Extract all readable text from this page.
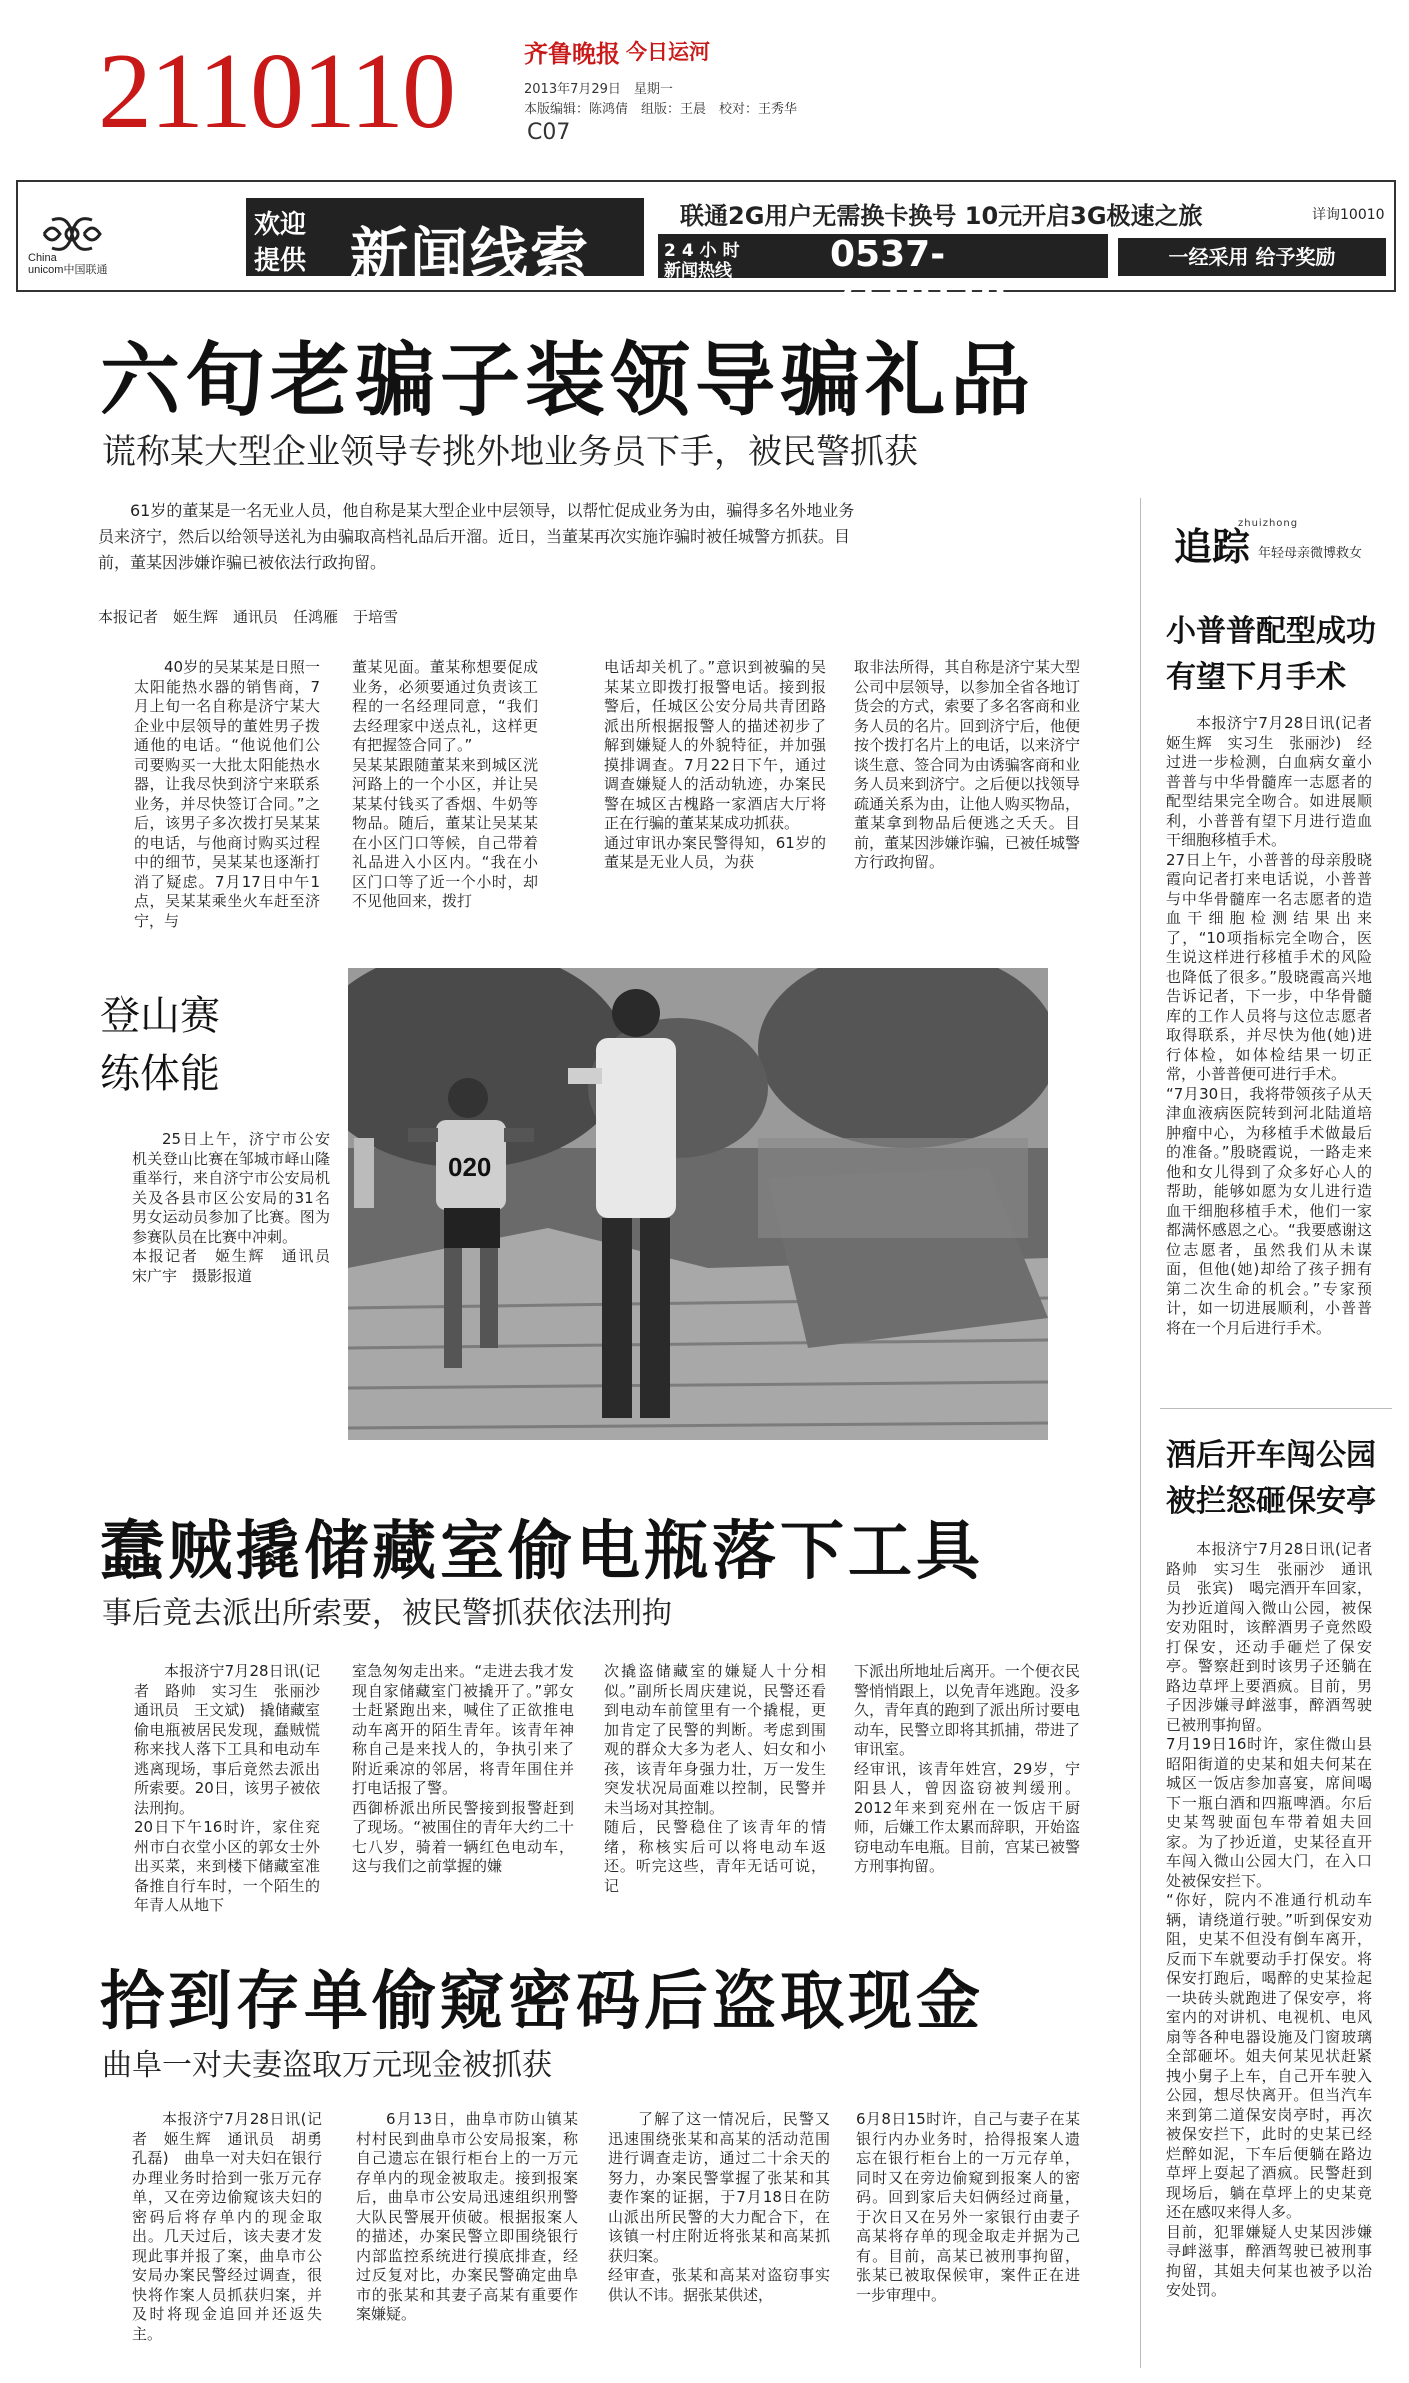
2110110	齐鲁晚报 今日运河
2013年7月29日　星期一
本版编辑：陈鸿倩　组版：王晨　校对：王秀华
C07
China
unicom中国联通
欢迎
提供 新闻线索
联通2G用户无需换卡换号 10元开启3G极速之旅	详询10010
24小时
新闻热线	0537-2110110
一经采用 给予奖励
六旬老骗子装领导骗礼品
谎称某大型企业领导专挑外地业务员下手，被民警抓获
61岁的董某是一名无业人员，他自称是某大型企业中层领导，以帮忙促成业务为由，骗得多名外地业务员来济宁，然后以给领导送礼为由骗取高档礼品后开溜。近日，当董某再次实施诈骗时被任城警方抓获。目前，董某因涉嫌诈骗已被依法行政拘留。
本报记者　姬生辉　通讯员　任鸿雁　于培雪
40岁的吴某某是日照一太阳能热水器的销售商，7月上旬一名自称是济宁某大企业中层领导的董姓男子拨通他的电话。“他说他们公司要购买一大批太阳能热水器，让我尽快到济宁来联系业务，并尽快签订合同。”之后，该男子多次拨打吴某某的电话，与他商讨购买过程中的细节，吴某某也逐渐打消了疑虑。7月17日中午1点，吴某某乘坐火车赶至济宁，与
董某见面。董某称想要促成业务，必须要通过负责该工程的一名经理同意，“我们去经理家中送点礼，这样更有把握签合同了。”
吴某某跟随董某来到城区洸河路上的一个小区，并让吴某某付钱买了香烟、牛奶等物品。随后，董某让吴某某在小区门口等候，自己带着礼品进入小区内。“我在小区门口等了近一个小时，却不见他回来，拨打
电话却关机了。”意识到被骗的吴某某立即拨打报警电话。接到报警后，任城区公安分局共青团路派出所根据报警人的描述初步了解到嫌疑人的外貌特征，并加强摸排调查。7月22日下午，通过调查嫌疑人的活动轨迹，办案民警在城区古槐路一家酒店大厅将正在行骗的董某某成功抓获。
通过审讯办案民警得知，61岁的董某是无业人员，为获
取非法所得，其自称是济宁某大型公司中层领导，以参加全省各地订货会的方式，索要了多名客商和业务人员的名片。回到济宁后，他便按个拨打名片上的电话，以来济宁谈生意、签合同为由诱骗客商和业务人员来到济宁。之后便以找领导疏通关系为由，让他人购买物品，董某拿到物品后便逃之夭夭。目前，董某因涉嫌诈骗，已被任城警方行政拘留。
登山赛
练体能
25日上午，济宁市公安机关登山比赛在邹城市峄山隆重举行，来自济宁市公安局机关及各县市区公安局的31名男女运动员参加了比赛。图为参赛队员在比赛中冲刺。
本报记者　姬生辉　通讯员　宋广宇　摄影报道
020
蠢贼撬储藏室偷电瓶落下工具
事后竟去派出所索要，被民警抓获依法刑拘
本报济宁7月28日讯(记者　路帅　实习生　张丽沙　通讯员　王文斌)　撬储藏室偷电瓶被居民发现，蠢贼慌称来找人落下工具和电动车逃离现场，事后竟然去派出所索要。20日，该男子被依法刑拘。
20日下午16时许，家住兖州市白衣堂小区的郭女士外出买菜，来到楼下储藏室准备推自行车时，一个陌生的年青人从地下
室急匆匆走出来。“走进去我才发现自家储藏室门被撬开了。”郭女士赶紧跑出来，喊住了正欲推电动车离开的陌生青年。该青年神称自己是来找人的，争执引来了附近乘凉的邻居，将青年围住并打电话报了警。
西御桥派出所民警接到报警赶到了现场。“被围住的青年大约二十七八岁，骑着一辆红色电动车，这与我们之前掌握的嫌
次撬盗储藏室的嫌疑人十分相似。”副所长周庆建说，民警还看到电动车前筐里有一个撬棍，更加肯定了民警的判断。考虑到围观的群众大多为老人、妇女和小孩，该青年身强力壮，万一发生突发状况局面难以控制，民警并未当场对其控制。
随后，民警稳住了该青年的情绪，称核实后可以将电动车返还。听完这些，青年无话可说，记
下派出所地址后离开。一个便衣民警悄悄跟上，以免青年逃跑。没多久，青年真的跑到了派出所讨要电动车，民警立即将其抓捕，带进了审讯室。
经审讯，该青年姓宫，29岁，宁阳县人，曾因盗窃被判缓刑。2012年来到兖州在一饭店干厨师，后嫌工作太累而辞职，开始盗窃电动车电瓶。目前，宫某已被警方刑事拘留。
拾到存单偷窥密码后盗取现金
曲阜一对夫妻盗取万元现金被抓获
本报济宁7月28日讯(记者　姬生辉　通讯员　胡勇　孔磊)　曲阜一对夫妇在银行办理业务时拾到一张万元存单，又在旁边偷窥该夫妇的密码后将存单内的现金取出。几天过后，该夫妻才发现此事并报了案，曲阜市公安局办案民警经过调查，很快将作案人员抓获归案，并及时将现金追回并还返失主。
6月13日，曲阜市防山镇某村村民到曲阜市公安局报案，称自己遗忘在银行柜台上的一万元存单内的现金被取走。接到报案后，曲阜市公安局迅速组织刑警大队民警展开侦破。根据报案人的描述，办案民警立即围绕银行内部监控系统进行摸底排查，经过反复对比，办案民警确定曲阜市的张某和其妻子高某有重要作案嫌疑。
了解了这一情况后，民警又迅速围绕张某和高某的活动范围进行调查走访，通过二十余天的努力，办案民警掌握了张某和其妻作案的证据，于7月18日在防山派出所民警的大力配合下，在该镇一村庄附近将张某和高某抓获归案。
经审查，张某和高某对盗窃事实供认不讳。据张某供述，
6月8日15时许，自己与妻子在某银行内办业务时，拾得报案人遗忘在银行柜台上的一万元存单，同时又在旁边偷窥到报案人的密码。回到家后夫妇俩经过商量，于次日又在另外一家银行由妻子高某将存单的现金取走并据为己有。目前，高某已被刑事拘留，张某已被取保候审，案件正在进一步审理中。
追踪
zhuizhong
年轻母亲微博救女
小普普配型成功
有望下月手术
本报济宁7月28日讯(记者　姬生辉　实习生　张丽沙)　经过进一步检测，白血病女童小普普与中华骨髓库一志愿者的配型结果完全吻合。如进展顺利，小普普有望下月进行造血干细胞移植手术。
27日上午，小普普的母亲殷晓霞向记者打来电话说，小普普与中华骨髓库一名志愿者的造血干细胞检测结果出来了，“10项指标完全吻合，医生说这样进行移植手术的风险也降低了很多。”殷晓霞高兴地告诉记者，下一步，中华骨髓库的工作人员将与这位志愿者取得联系，并尽快为他(她)进行体检，如体检结果一切正常，小普普便可进行手术。
“7月30日，我将带领孩子从天津血液病医院转到河北陆道培肿瘤中心，为移植手术做最后的准备。”殷晓霞说，一路走来他和女儿得到了众多好心人的帮助，能够如愿为女儿进行造血干细胞移植手术，他们一家都满怀感恩之心。“我要感谢这位志愿者，虽然我们从未谋面，但他(她)却给了孩子拥有第二次生命的机会。”专家预计，如一切进展顺利，小普普将在一个月后进行手术。
酒后开车闯公园
被拦怒砸保安亭
本报济宁7月28日讯(记者　路帅　实习生　张丽沙　通讯员　张宾)　喝完酒开车回家，为抄近道闯入微山公园，被保安劝阻时，该醉酒男子竟然殴打保安，还动手砸烂了保安亭。警察赶到时该男子还躺在路边草坪上要酒疯。目前，男子因涉嫌寻衅滋事，醉酒驾驶已被刑事拘留。
7月19日16时许，家住微山县昭阳街道的史某和姐夫何某在城区一饭店参加喜宴，席间喝下一瓶白酒和四瓶啤酒。尔后史某驾驶面包车带着姐夫回家。为了抄近道，史某径直开车闯入微山公园大门，在入口处被保安拦下。
“你好，院内不准通行机动车辆，请绕道行驶。”听到保安劝阻，史某不但没有倒车离开，反而下车就要动手打保安。将保安打跑后，喝醉的史某捡起一块砖头就跑进了保安亭，将室内的对讲机、电视机、电风扇等各种电器设施及门窗玻璃全部砸坏。姐夫何某见状赶紧拽小舅子上车，自己开车驶入公园，想尽快离开。但当汽车来到第二道保安岗亭时，再次被保安拦下，此时的史某已经烂醉如泥，下车后便躺在路边草坪上耍起了酒疯。民警赶到现场后，躺在草坪上的史某竟还在感叹来得人多。
目前，犯罪嫌疑人史某因涉嫌寻衅滋事，醉酒驾驶已被刑事拘留，其姐夫何某也被予以治安处罚。
